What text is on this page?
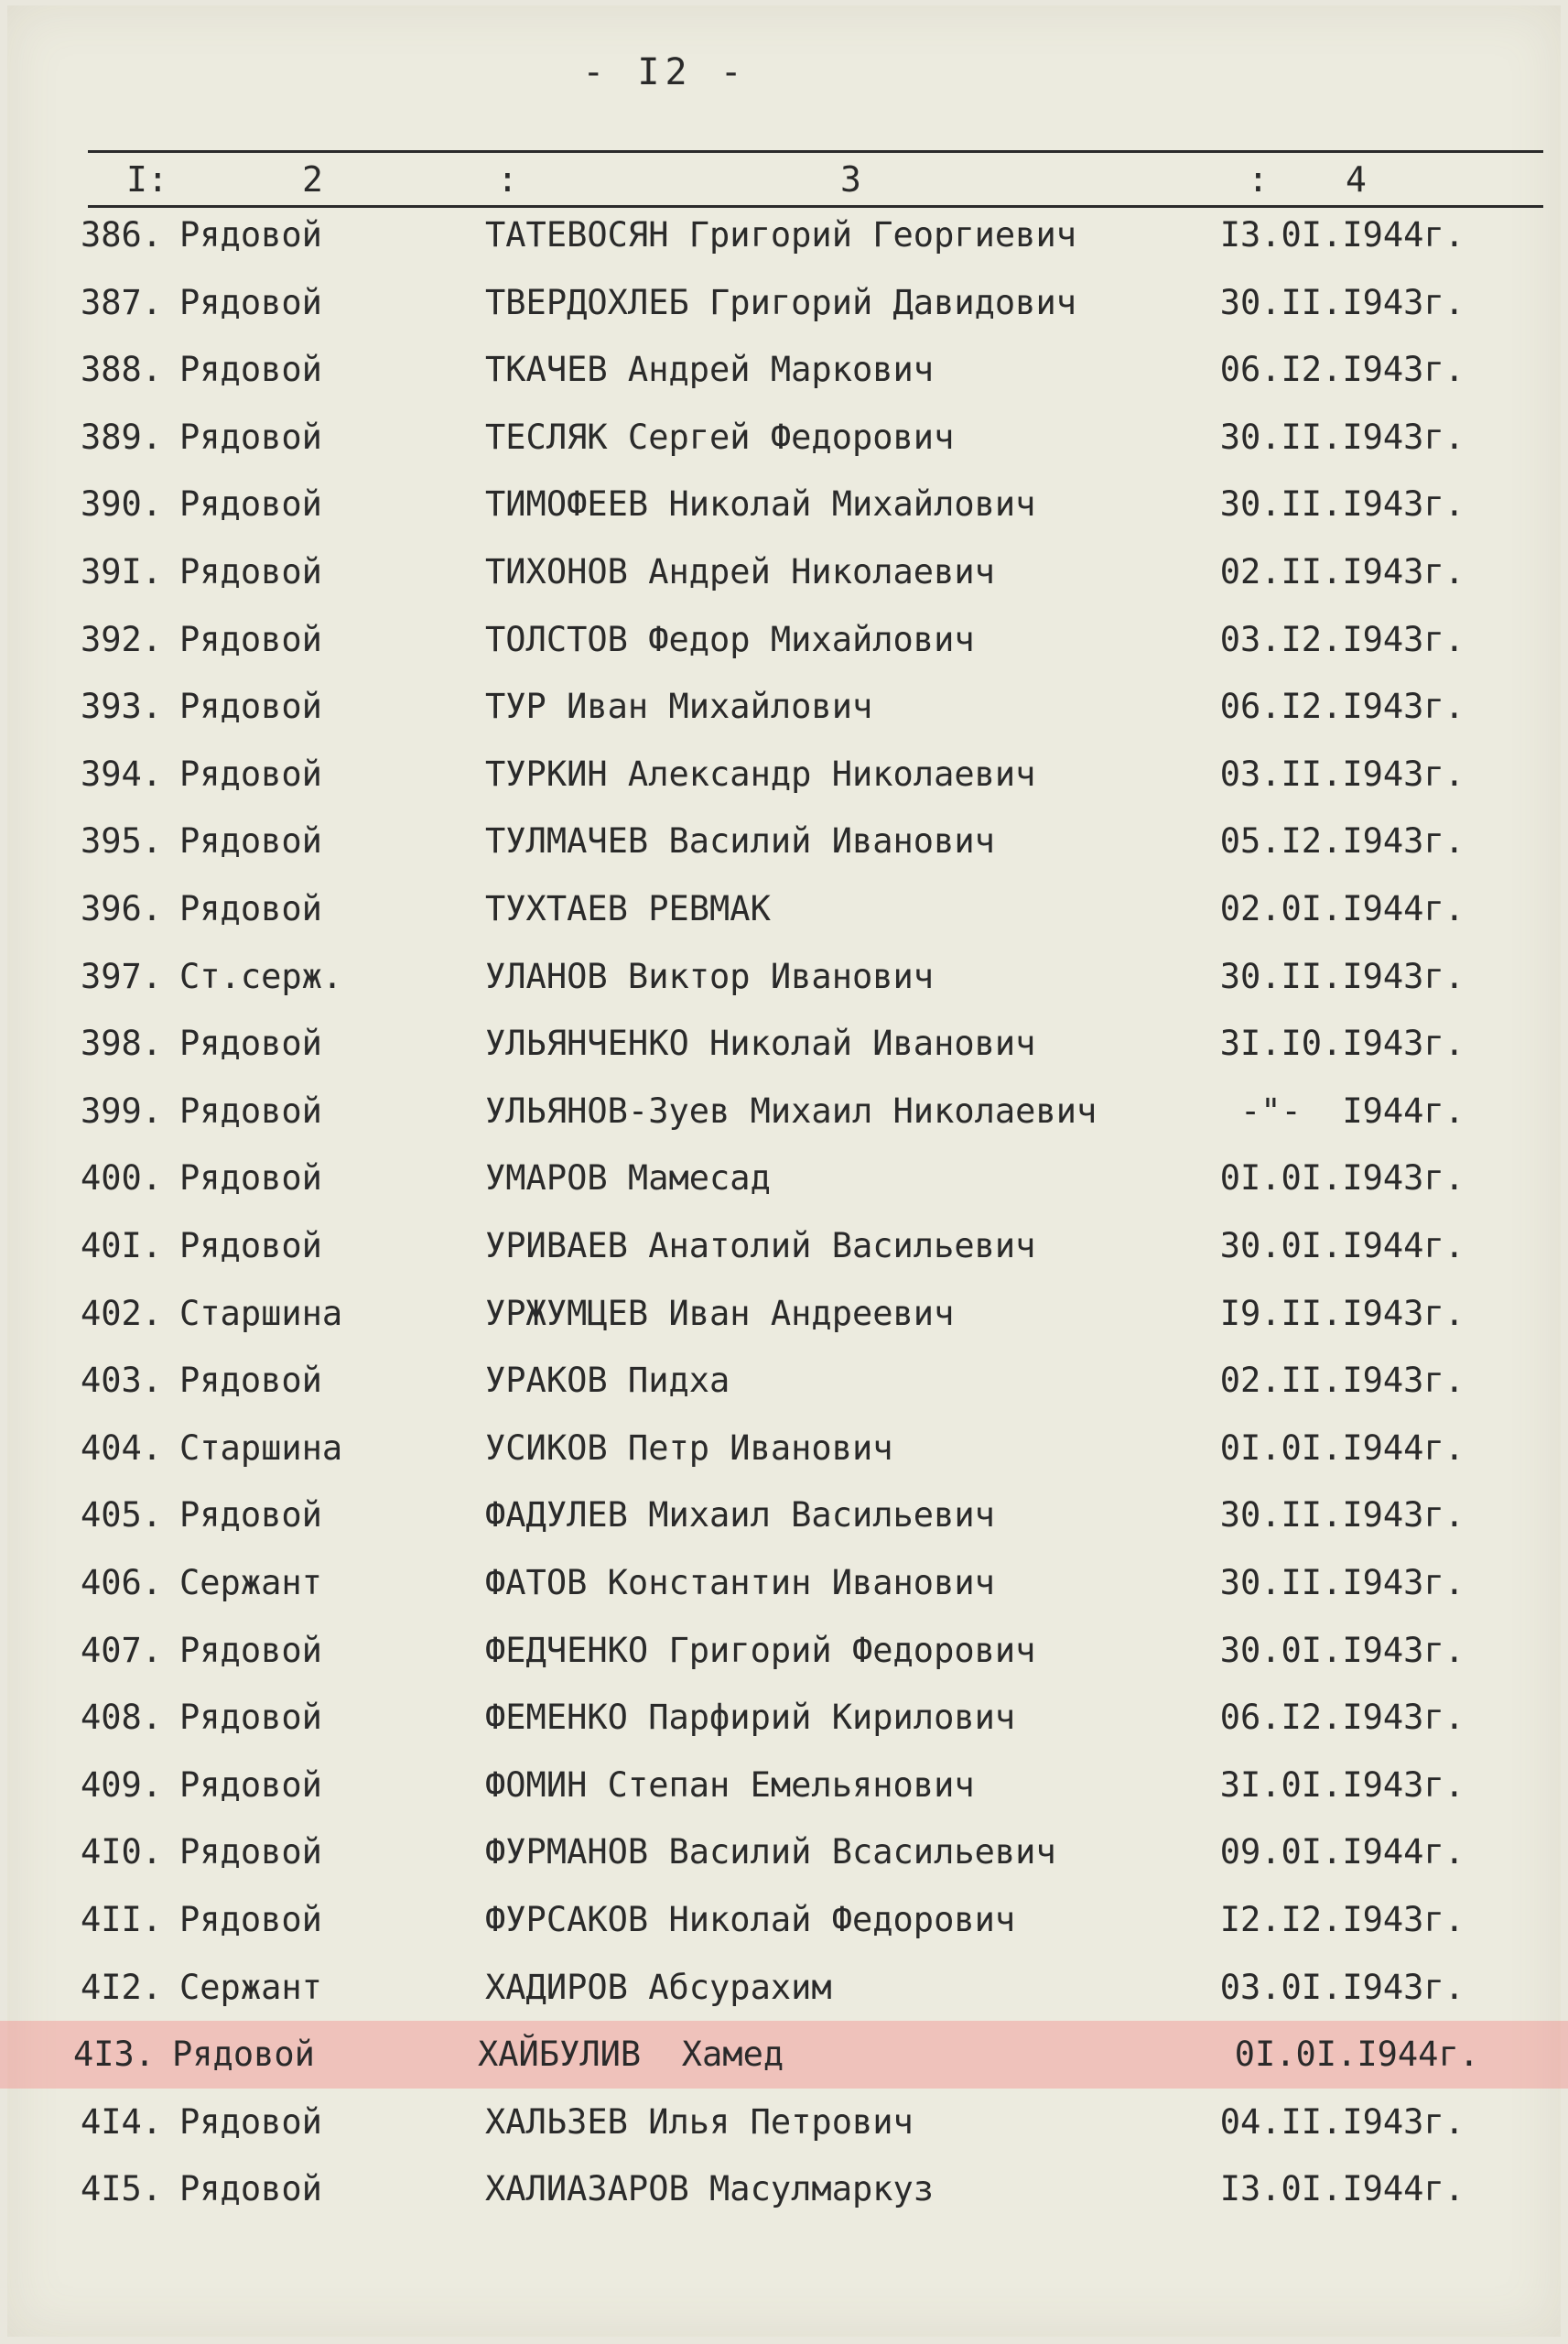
- I2 -
I:	2	:	3	: 4
386. Рядовой	ТАТЕВОСЯН Григорий Георгиевич	I3.0I.I944г.
387. Рядовой	ТВЕРДОХЛЕБ Григорий Давидович	30.II.I943г.
388. Рядовой	ТКАЧЕВ Андрей Маркович	06.I2.I943г.
389. Рядовой	ТЕСЛЯК Сергей Федорович	30.II.I943г.
390. Рядовой	ТИМОФЕЕВ Николай Михайлович	30.II.I943г.
39I. Рядовой	ТИХОНОВ Андрей Николаевич	02.II.I943г.
392. Рядовой	ТОЛСТОВ Федор Михайлович	03.I2.I943г.
393. Рядовой	ТУР Иван Михайлович	06.I2.I943г.
394. Рядовой	ТУРКИН Александр Николаевич	03.II.I943г.
395. Рядовой	ТУЛМАЧЕВ Василий Иванович	05.I2.I943г.
396. Рядовой	ТУХТАЕВ РЕВМАК	02.0I.I944г.
397. Ст.серж.	УЛАНОВ Виктор Иванович	30.II.I943г.
398. Рядовой	УЛЬЯНЧЕНКО Николай Иванович	3I.I0.I943г.
399. Рядовой	УЛЬЯНОВ-Зуев Михаил Николаевич	-"-  I944г.
400. Рядовой	УМАРОВ Мамесад	0I.0I.I943г.
40I. Рядовой	УРИВАЕВ Анатолий Васильевич	30.0I.I944г.
402. Старшина	УРЖУМЦЕВ Иван Андреевич	I9.II.I943г.
403. Рядовой	УРАКОВ Пидха	02.II.I943г.
404. Старшина	УСИКОВ Петр Иванович	0I.0I.I944г.
405. Рядовой	ФАДУЛЕВ Михаил Васильевич	30.II.I943г.
406. Сержант	ФАТОВ Константин Иванович	30.II.I943г.
407. Рядовой	ФЕДЧЕНКО Григорий Федорович	30.0I.I943г.
408. Рядовой	ФЕМЕНКО Парфирий Кирилович	06.I2.I943г.
409. Рядовой	ФОМИН Степан Емельянович	3I.0I.I943г.
4I0. Рядовой	ФУРМАНОВ Василий Всасильевич	09.0I.I944г.
4II. Рядовой	ФУРСАКОВ Николай Федорович	I2.I2.I943г.
4I2. Сержант	ХАДИРОВ Абсурахим	03.0I.I943г.
4I3. Рядовой	ХАЙБУЛИВ  Хамед	0I.0I.I944г.
4I4. Рядовой	ХАЛЬЗЕВ Илья Петрович	04.II.I943г.
4I5. Рядовой	ХАЛИАЗАРОВ Масулмаркуз	I3.0I.I944г.
